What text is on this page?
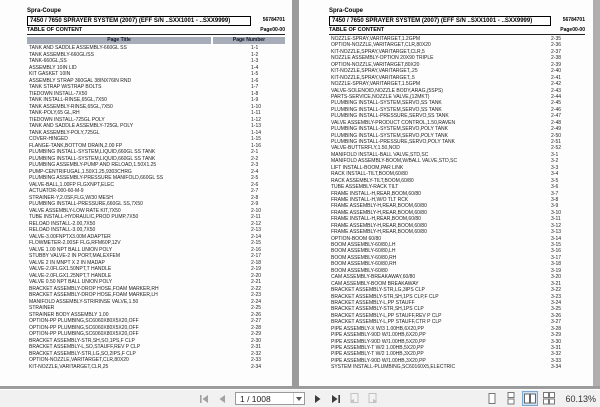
Spra-Coupe
7450 / 7650 SPRAYER SYSTEM (2007) (EFF S/N ..SXX1001 - ..SXX9999)	56784701
TABLE OF CONTENT	Page00-00
Page Title	Page Number
TANK AND SADDLE ASSEMBLY-660GL SS	1-1
TANK ASSEMBLY-660GL/SS	1-2
TANK-660GL,SS	1-3
ASSEMBLY 10IN LID	1-4
KIT GASKET 10IN	1-5
ASSEMBLY STRAP 360GAL 38INX76IN RND	1-6
TANK STRAP W/STRAP BOLTS	1-7
TIEDOWN INSTALL-7X50	1-8
TANK INSTALL-RINSE,65GL,7X50	1-9
TANK ASSEMBLY-RINSE,65GL,7X50	1-10
TANK-POLY,65 GL,RH	1-11
TIEDOWN INSTALL-725GL POLY	1-12
TANK AND SADDLE ASSEMBLY-725GL POLY	1-13
TANK ASSEMBLY-POLY,725GL	1-14
COVER-HINGED	1-15
FLANGE-TANK,BOTTOM DRAIN,2.00 FP	1-16
PLUMBING INSTALL-SYSTEM,LIQUID,660GL SS TANK	2-1
PLUMBING INSTALL-SYSTEM,LIQUID,660GL SS TANK	2-2
PLUMBING ASSEMBLY-PUMP AND RELOAD,1.50X1.25	2-3
PUMP-CENTRIFUGAL,1.50X1.25,9303CHRG	2-4
PLUMBING ASSEMBLY-PRESSURE MANIFOLD,660GL SS	2-5
VALVE-BALL,1.00FP FLGXNPT,ELEC	2-6
ACTUATOR-000-60-M-9	2-7
STRAINER-Y,2.0SF,FLG,W/30 MESH	2-8
PLUMBING INSTALL-PRESSURE,660GL SS,7X50	2-9
VALVE ASSEMBLY-LOW RATE KIT,7X50	2-10
TUBE INSTALL-HYDRAULIC,PROD PUMP,7X50	2-11
RELOAD INSTALL-2.00,7X50	2-12
RELOAD INSTALL-3.00,7X50	2-13
VALVE-3.00FNPTX3.00M ADAPTER	2-14
FLOWMETER-2.00SF FLG,RFM60P,12V	2-15
VALVE 1.00 NPT BALL UNION POLY	2-16
STUBBY VALVE-2 IN PORT,MALEXFEM	2-17
VALVE 2 IN MNPT X 2 IN MADAP	2-18
VALVE-2.0FLGX1.50NPT,T HANDLE	2-19
VALVE-2.0FLGX1.25NPT,T HANDLE	2-20
VALVE 0.50 NPT BALL UNION POLY	2-21
BRACKET ASSEMBLY-DROP HOSE,FOAM MARKER,RH	2-22
BRACKET ASSEMBLY-DROP HOSE,FOAM MARKER,LH	2-23
MANIFOLD ASSEMBLY-STR/RINSE VALVE,1.50	2-24
STRAINER	2-25
STRAINER BODY ASSEMBLY 1.00	2-26
OPTION-PP PLUMBING,SC6060X80X5X20,OFF	2-27
OPTION-PP PLUMBING,SC6060X80X5X20,OFF	2-28
OPTION-PP PLUMBING,SC6060X80X5X20,OFF	2-29
BRACKET ASSEMBLY-STR,SH,SO,1PS,F CLP	2-30
BRACKET ASSEMBLY-L,SO,STAUFF,REV P CLP	2-31
BRACKET ASSEMBLY-STR,LG,SO,2IPS,F CLP	2-32
OPTION-NOZZLE,VARITARGET,CLR,80X20	2-33
KIT-NOZZLE,VARITARGET,CLR,25	2-34
Spra-Coupe
7450 / 7650 SPRAYER SYSTEM (2007) (EFF S/N ..SXX1001 - ..SXX9999)	56784701
TABLE OF CONTENT	Page00-00
NOZZLE-SPRAY,VARITARGET,1.2GPM	2-35
OPTION-NOZZLE,VARITARGET,CLR,80X20	2-36
KIT-NOZZLE,SPRAY,VARITARGET,CLR,5	2-37
NOZZLE ASSEMBLY-OPTION 20X90 TRIPLE	2-38
OPTION-NOZZLE,VARITARGET,80X20	2-39
KIT-NOZZLE,SPRAY,VARITARGET,.25	2-40
KIT-NOZZLE,SPRAY,VARITARGET,.5	2-41
NOZZLE-SPRAY,VARITARGET,1.5GPM	2-42
VALVE-SOLENOID,NOZZLE BODY,ARAG,(5SPS)	2-43
PARTS-SERVICE,NOZZLE VALVE,(12MKT)	2-44
PLUMBING INSTALL-SYSTEM,SERVO,SS TANK	2-45
PLUMBING INSTALL-SYSTEM,SERVO,SS TANK	2-46
PLUMBING INSTALL-PRESSURE,SERVO,SS TANK	2-47
VALVE ASSEMBLY-PRODUCT CONTROL,1.50,RAVEN	2-48
PLUMBING INSTALL-SYSTEM,SERVO,POLY TANK	2-49
PLUMBING INSTALL-SYSTEM,SERVO,POLY TANK	2-50
PLUMBING INSTALL-PRESSURE,SERVO,POLY TANK	2-51
VALVE-BUTTERFLY,1.50,NOD	2-52
MANIFOLD INSTALL-BALL VALVE,STD,SC	3-1
MANIFOLD ASSEMBLY-BOOM,W/BALL VALVE,STD,SC	3-2
LIFT INSTALL-BOOM,PAR LINK	3-3
RACK INSTALL-TILT,BOOM,60/80	3-4
RACK ASSEMBLY-TILT,BOOM,60/80	3-5
TUBE ASSEMBLY-RACK TILT	3-6
FRAME INSTALL-H,REAR,BOOM,60/80	3-7
FRAME INSTALL-H,W/O TLT RCK	3-8
FRAME ASSEMBLY-H,REAR,BOOM,60/80	3-9
FRAME ASSEMBLY-H,REAR,BOOM,60/80	3-10
FRAME INSTALL-H,REAR,BOOM,60/80	3-11
FRAME ASSEMBLY-H,REAR,BOOM,60/80	3-12
FRAME ASSEMBLY-H,REAR,BOOM,60/80	3-13
OPTION-BOOM 60/80	3-14
BOOM ASSEMBLY-60/80,LH	3-15
BOOM ASSEMBLY-60/80,LH	3-16
BOOM ASSEMBLY-60/80,RH	3-17
BOOM ASSEMBLY-60/80,RH	3-18
BOOM ASSEMBLY-60/80	3-19
CAM ASSEMBLY-BREAKAWAY,60/80	3-20
CAM ASSEMBLY-BOOM BREAKAWAY	3-21
BRACKET ASSEMBLY-STR,LG,3IPS CLP	3-22
BRACKET ASSEMBLY-STR,SH,1PS CLP,F CLP	3-23
BRACKET ASSEMBLY-L,PP STAUFF	3-24
BRACKET ASSEMBLY-STR,SH,1PS CLP	3-25
BRACKET ASSEMBLY-L,PP STAUFF,REV P CLP	3-26
BRACKET ASSEMBLY-L,PP STAUFF,CTR P CLP	3-27
PIPE ASSEMBLY-X W/3 1.00HB,6X20,PP	3-28
PIPE ASSEMBLY-90D W/1.00HB,6X20,PP	3-29
PIPE ASSEMBLY-90D W/1.00HB,5X20,PP	3-30
PIPE ASSEMBLY-T W/2 1.00HB,5X20,PP	3-31
PIPE ASSEMBLY-T W/2 1.00HB,3X20,PP	3-32
PIPE ASSEMBLY-90D W/1.00HB,3X20,PP	3-33
SYSTEM INSTALL-PLUMBING,SC60160X5,ELECTRIC	3-34
1 / 1008	60.13%
